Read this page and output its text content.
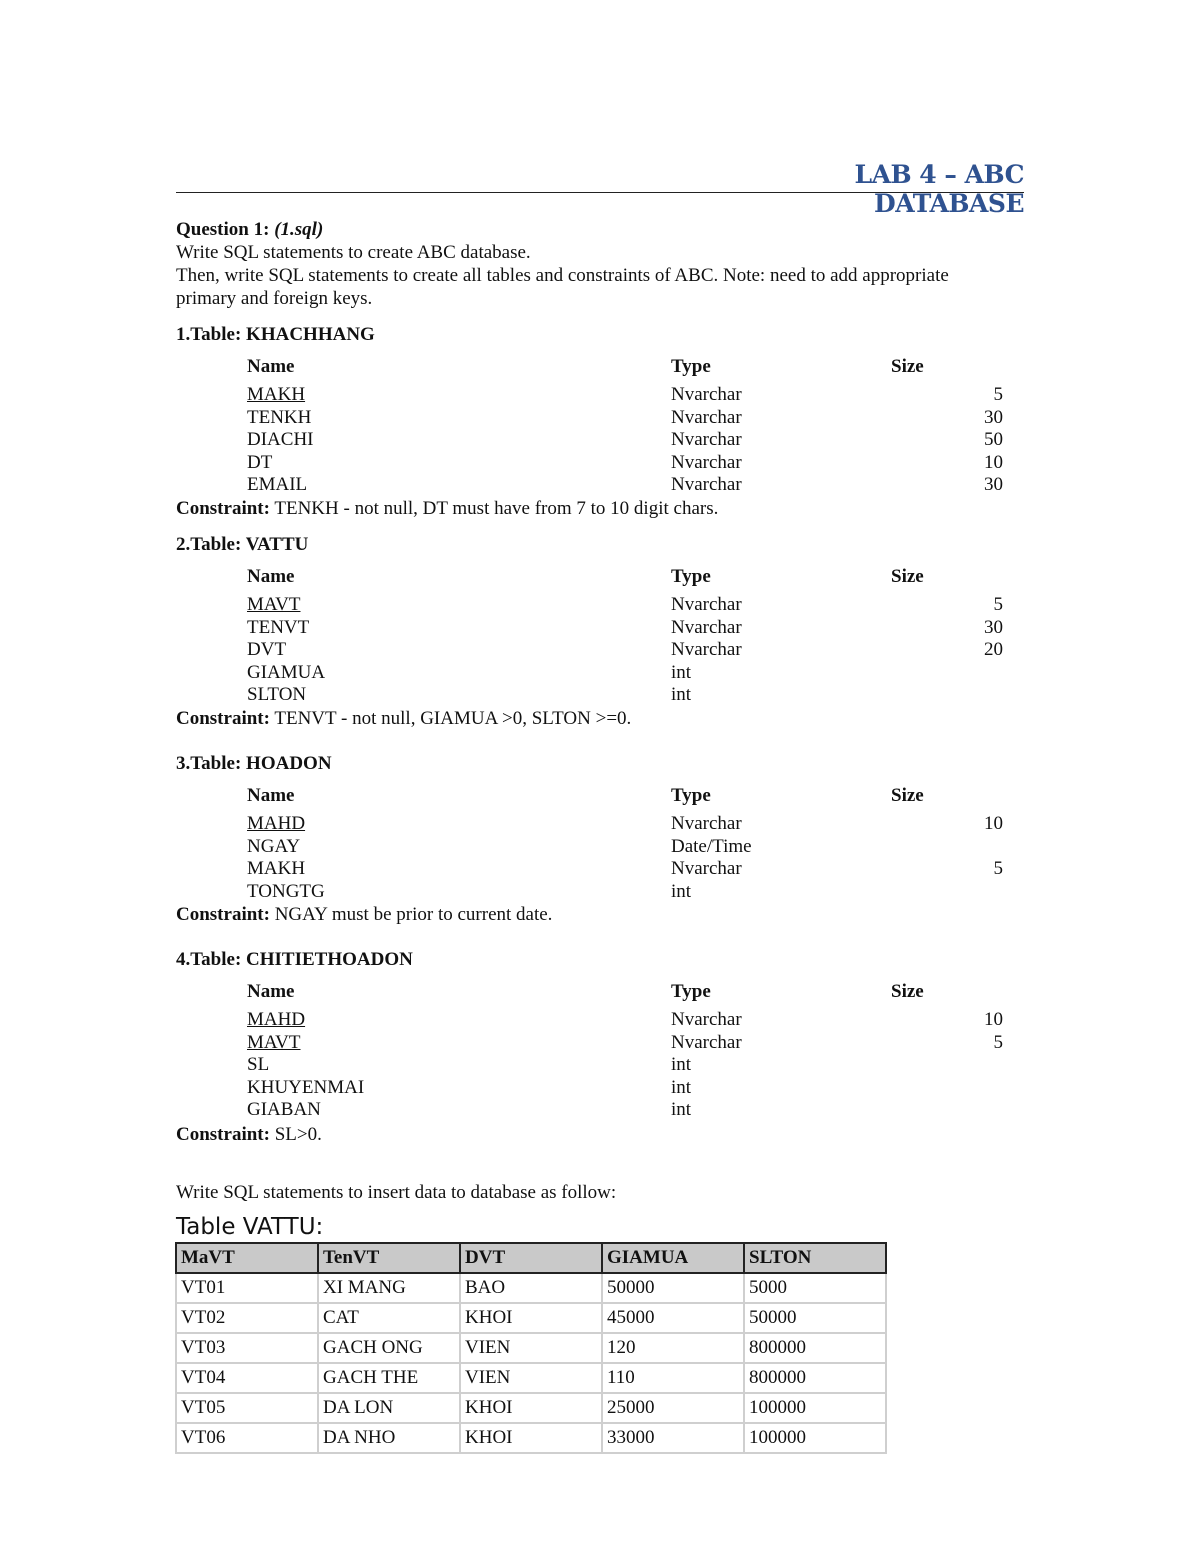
LAB 4 – ABC DATABASE
Question 1: (1.sql)
Write SQL statements to create ABC database.
Then, write SQL statements to create all tables and constraints of ABC. Note: need to add appropriate
primary and foreign keys.
1.Table: KHACHHANG
Name	Type	Size
MAKH	Nvarchar	5
TENKH	Nvarchar	30
DIACHI	Nvarchar	50
DT	Nvarchar	10
EMAIL	Nvarchar	30
Constraint: TENKH - not null, DT must have from 7 to 10 digit chars.
2.Table: VATTU
Name	Type	Size
MAVT	Nvarchar	5
TENVT	Nvarchar	30
DVT	Nvarchar	20
GIAMUA	int
SLTON	int
Constraint: TENVT - not null, GIAMUA >0, SLTON >=0.
3.Table: HOADON
Name	Type	Size
MAHD	Nvarchar	10
NGAY	Date/Time
MAKH	Nvarchar	5
TONGTG	int
Constraint: NGAY must be prior to current date.
4.Table: CHITIETHOADON
Name	Type	Size
MAHD	Nvarchar	10
MAVT	Nvarchar	5
SL	int
KHUYENMAI	int
GIABAN	int
Constraint: SL>0.
Write SQL statements to insert data to database as follow:
Table VATTU:
MaVT	TenVT	DVT	GIAMUA	SLTON
VT01	XI MANG	BAO	50000	5000
VT02	CAT	KHOI	45000	50000
VT03	GACH ONG	VIEN	120	800000
VT04	GACH THE	VIEN	110	800000
VT05	DA LON	KHOI	25000	100000
VT06	DA NHO	KHOI	33000	100000
